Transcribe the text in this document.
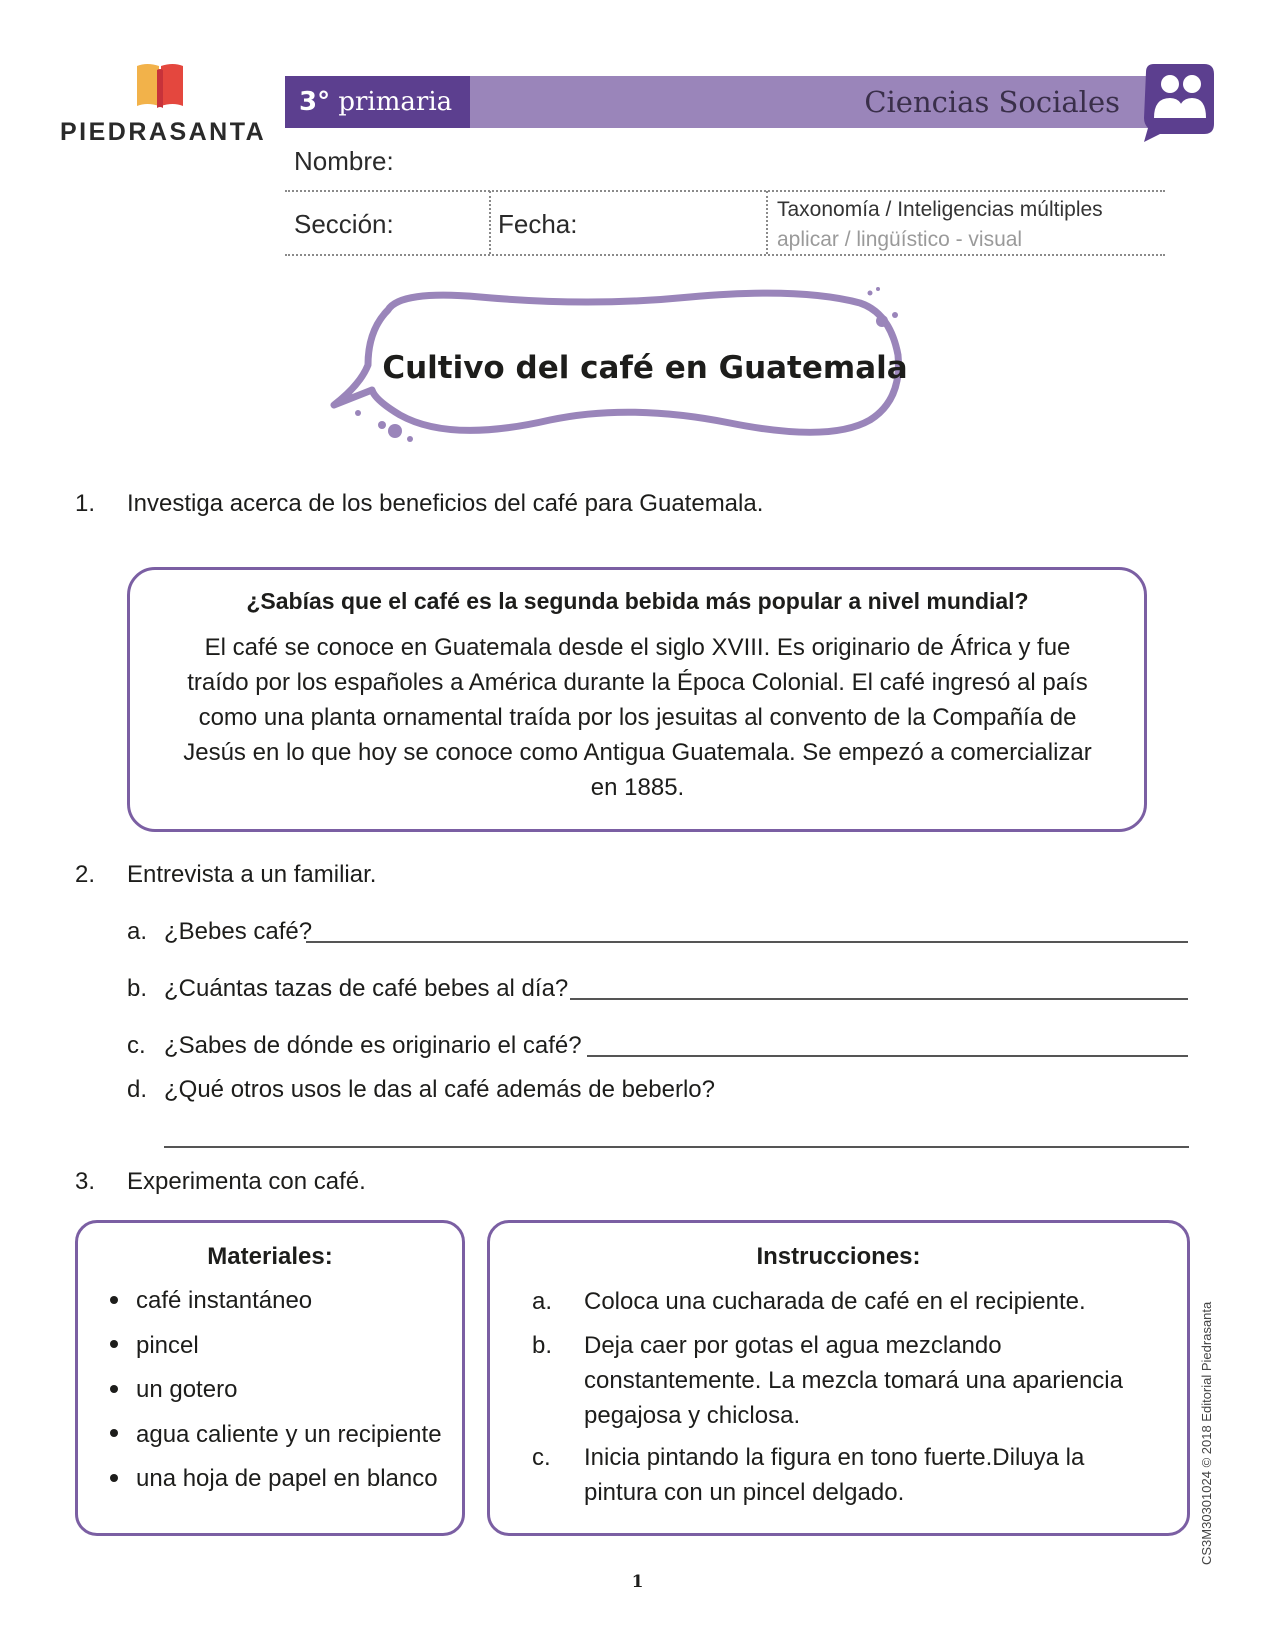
PIEDRASANTA
3° primaria	Ciencias Sociales
Nombre:
Sección:	Fecha:	Taxonomía / Inteligencias múltiples
aplicar / lingüístico - visual
Cultivo del café en Guatemala
1. Investiga acerca de los beneficios del café para Guatemala.
¿Sabías que el café es la segunda bebida más popular a nivel mundial?
El café se conoce en Guatemala desde el siglo XVIII. Es originario de África y fue
traído por los españoles a América durante la Época Colonial. El café ingresó al país
como una planta ornamental traída por los jesuitas al convento de la Compañía de
Jesús en lo que hoy se conoce como Antigua Guatemala. Se empezó a comercializar
en 1885.
2. Entrevista a un familiar.
a. ¿Bebes café?
b. ¿Cuántas tazas de café bebes al día?
c. ¿Sabes de dónde es originario el café?
d. ¿Qué otros usos le das al café además de beberlo?
3. Experimenta con café.
Materiales:
café instantáneo
pincel
un gotero
agua caliente y un recipiente
una hoja de papel en blanco
Instrucciones:
a. Coloca una cucharada de café en el recipiente.
b. Deja caer por gotas el agua mezclando
constantemente. La mezcla tomará una apariencia
pegajosa y chiclosa.
c. Inicia pintando la figura en tono fuerte.Diluya la
pintura con un pincel delgado.	CS3M30301024 © 2018 Editorial Piedrasanta
1
